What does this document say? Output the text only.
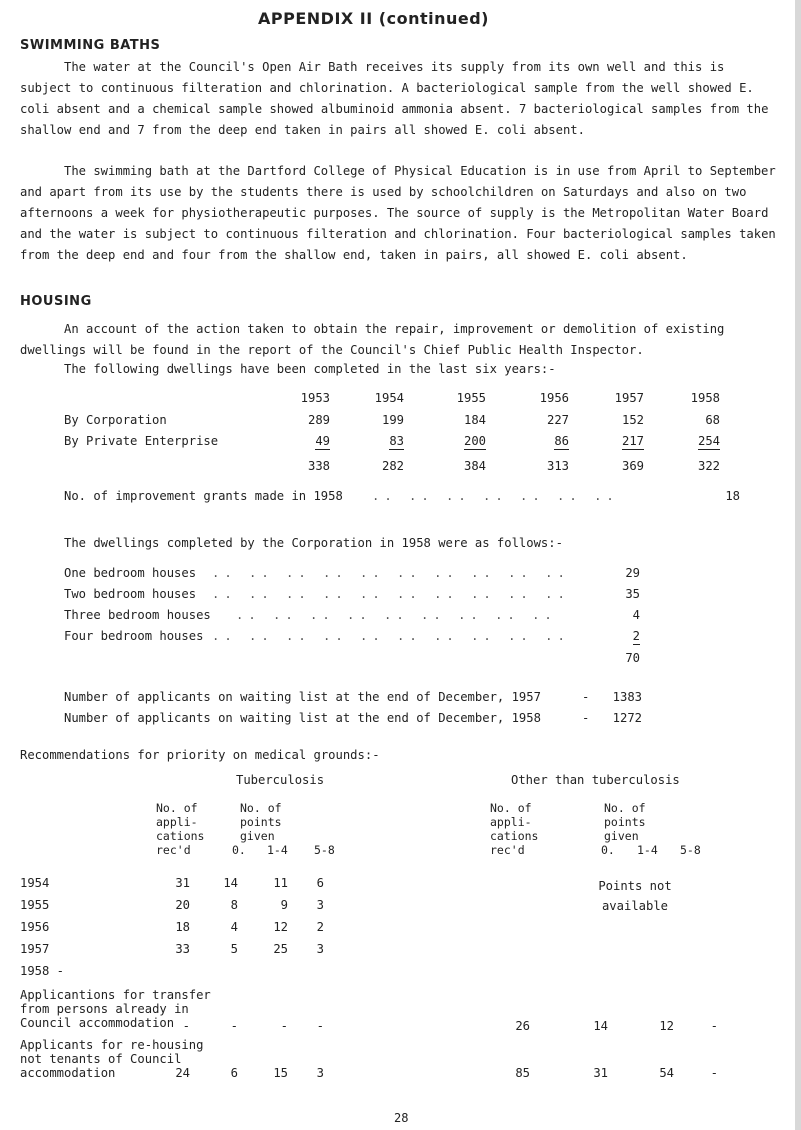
APPENDIX II (continued)
SWIMMING BATHS
The water at the Council's Open Air Bath receives its supply from its own well and this is subject to continuous filteration and chlorination. A bacteriological sample from the well showed E. coli absent and a chemical sample showed albuminoid ammonia absent. 7 bacteriological samples from the shallow end and 7 from the deep end taken in pairs all showed E. coli absent.
The swimming bath at the Dartford College of Physical Education is in use from April to September and apart from its use by the students there is used by schoolchildren on Saturdays and also on two afternoons a week for physiotherapeutic purposes. The source of supply is the Metropolitan Water Board and the water is subject to continuous filteration and chlorination. Four bacteriological samples taken from the deep end and four from the shallow end, taken in pairs, all showed E. coli absent.
HOUSING
An account of the action taken to obtain the repair, improvement or demolition of existing dwellings will be found in the report of the Council's Chief Public Health Inspector.
The following dwellings have been completed in the last six years:-
1953	1954	1955	1956	1957	1958
By Corporation	289	199	184	227	152	68
By Private Enterprise	49	83	200	86	217	254
338	282	384	313	369	322
No. of improvement grants made in 1958 .. .. .. .. .. .. ..	18
The dwellings completed by the Corporation in 1958 were as follows:-
One bedroom houses .. .. .. .. .. .. .. .. .. ..	29
Two bedroom houses .. .. .. .. .. .. .. .. .. ..	35
Three bedroom houses .. .. .. .. .. .. .. .. ..	4
Four bedroom houses .. .. .. .. .. .. .. .. .. ..	2
70
Number of applicants on waiting list at the end of December, 1957	-	1383
Number of applicants on waiting list at the end of December, 1958	-	1272
Recommendations for priority on medical grounds:-
Tuberculosis	Other than tuberculosis
No. of
appli-
cations
rec'd
No. of
points
given
No. of
appli-
cations
rec'd
No. of
points
given
0. 1-4 5-8	0. 1-4 5-8
1954	31	14	11	6
1955	20	8	9	3
1956	18	4	12	2
1957	33	5	25	3
Points not
available
1958 -
Applicantions for transfer
from persons already in
Council accommodation -	-	-	-	26	14	12	-
Applicants for re-housing
not tenants of Council
accommodation	24	6	15	3	85	31	54	-
28
